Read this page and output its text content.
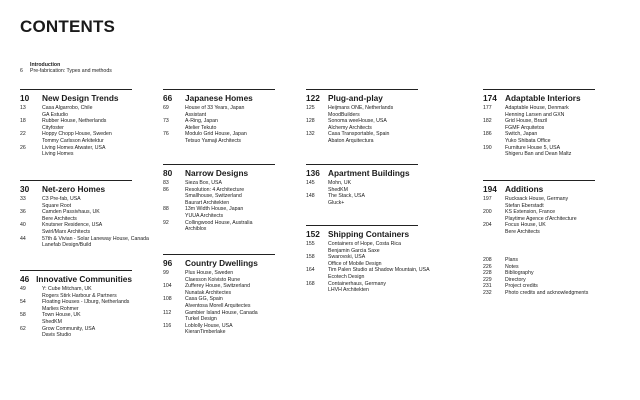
CONTENTS
Introduction
6	Pre-fabrication: Types and methods
10	New Design Trends
13	Casa Algarrobo, Chile
GA Estudio
18	Rubber House, Netherlands
Cityfoster
22	Hoppy Chopp House, Sweden
Tommy Carlsson Arkitektur
26	Living Homes Atwater, USA
Living Homes
30	Net-zero Homes
33	C3 Pre-fab, USA
Square Root
36	Camden Passivhaus, UK
Bere Architects
40	Knutsner Residence, USA
Swirl/Marx Architects
44	57th & Vivian - Solar Laneway House, Canada
Lanefab Design/Build
46 Innovative Communities
49	Y: Cube Mitcham, UK
Rogers Stirk Harbour & Partners
54	Floating Houses - IJburg, Netherlands
Marlies Rohmer
58	Town House, UK
ShedKM
62	Grow Community, USA
Davis Studio
66	Japanese Homes
69	House of 33 Years, Japan
Assistant
73	A-Ring, Japan
Atelier Tekuto
76	Modulo Grid House, Japan
Tetsuo Yamaji Architects
80	Narrow Designs
83	Sieza Box, USA
86	Resolution: 4 Architecture
Smallhouse, Switzerland
Baurart Architekten
88	13m Width House, Japan
YUUA Architects
92	Collingwood House, Australia
Archiblox
96	Country Dwellings
99	Plus House, Sweden
Claesson Koivisto Rune
104	Zufferey House, Switzerland
Nunatak Architectes
108	Casa GG, Spain
Alventosa Morell Arquitectes
112	Gambier Island House, Canada
Turkel Design
116	Loblolly House, USA
KieranTimberlake
122 Plug-and-play
125	Heijmans ONE, Netherlands
MoodBuilders
128	Sonoma weeHouse, USA
Alchemy Architects
132	Casa Transportable, Spain
Abaton Arquitectura
136 Apartment Buildings
145	Mohn, UK
ShedKM
148	The Stack, USA
Gluck+
152 Shipping Containers
155	Containers of Hope, Costa Rica
Benjamin Garcia Saxe
158	Swarovski, USA
Office of Mobile Design
164	Tim Palen Studio at Shadow Mountain, USA
Ecotech Design
168	Containerhaus, Germany
LHVH Architekten
174 Adaptable Interiors
177	Adaptable House, Denmark
Henning Larsen and GXN
182	Grid House, Brazil
FGMF Arquitetos
186	Switch, Japan
Yuko Shibata Office
190	Furniture House 5, USA
Shigeru Ban and Dean Maltz
194 Additions
197	Rucksack House, Germany
Stefan Eberstadt
200	KS Extension, France
Playtime Agence d'Architecture
204	Focus House, UK
Bere Architects
208	Plans
226	Notes
228	Bibliography
229	Directory
231	Project credits
232	Photo credits and acknowledgments
